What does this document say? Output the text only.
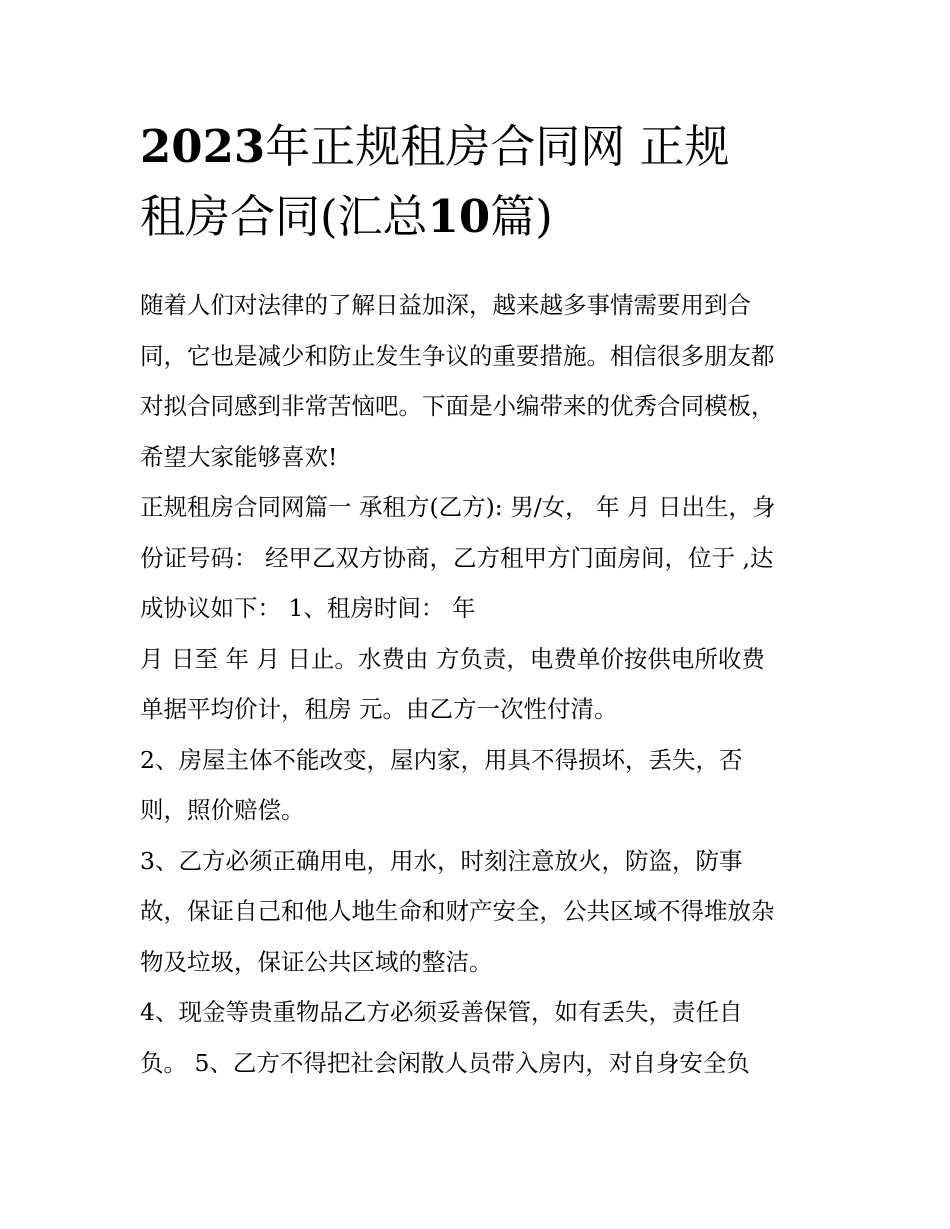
2023年正规租房合同网 正规
租房合同(汇总10篇)
随着人们对法律的了解日益加深，越来越多事情需要用到合
同，它也是减少和防止发生争议的重要措施。相信很多朋友都
对拟合同感到非常苦恼吧。下面是小编带来的优秀合同模板，
希望大家能够喜欢!
正规租房合同网篇一 承租方(乙方): 男/女， 年 月 日出生，身
份证号码： 经甲乙双方协商，乙方租甲方门面房间，位于 ,达
成协议如下： 1、租房时间： 年
月 日至 年 月 日止。水费由 方负责，电费单价按供电所收费
单据平均价计，租房 元。由乙方一次性付清。
2、房屋主体不能改变，屋内家，用具不得损坏，丢失，否
则，照价赔偿。
3、乙方必须正确用电，用水，时刻注意放火，防盗，防事
故，保证自己和他人地生命和财产安全，公共区域不得堆放杂
物及垃圾，保证公共区域的整洁。
4、现金等贵重物品乙方必须妥善保管，如有丢失，责任自
负。 5、乙方不得把社会闲散人员带入房内，对自身安全负
